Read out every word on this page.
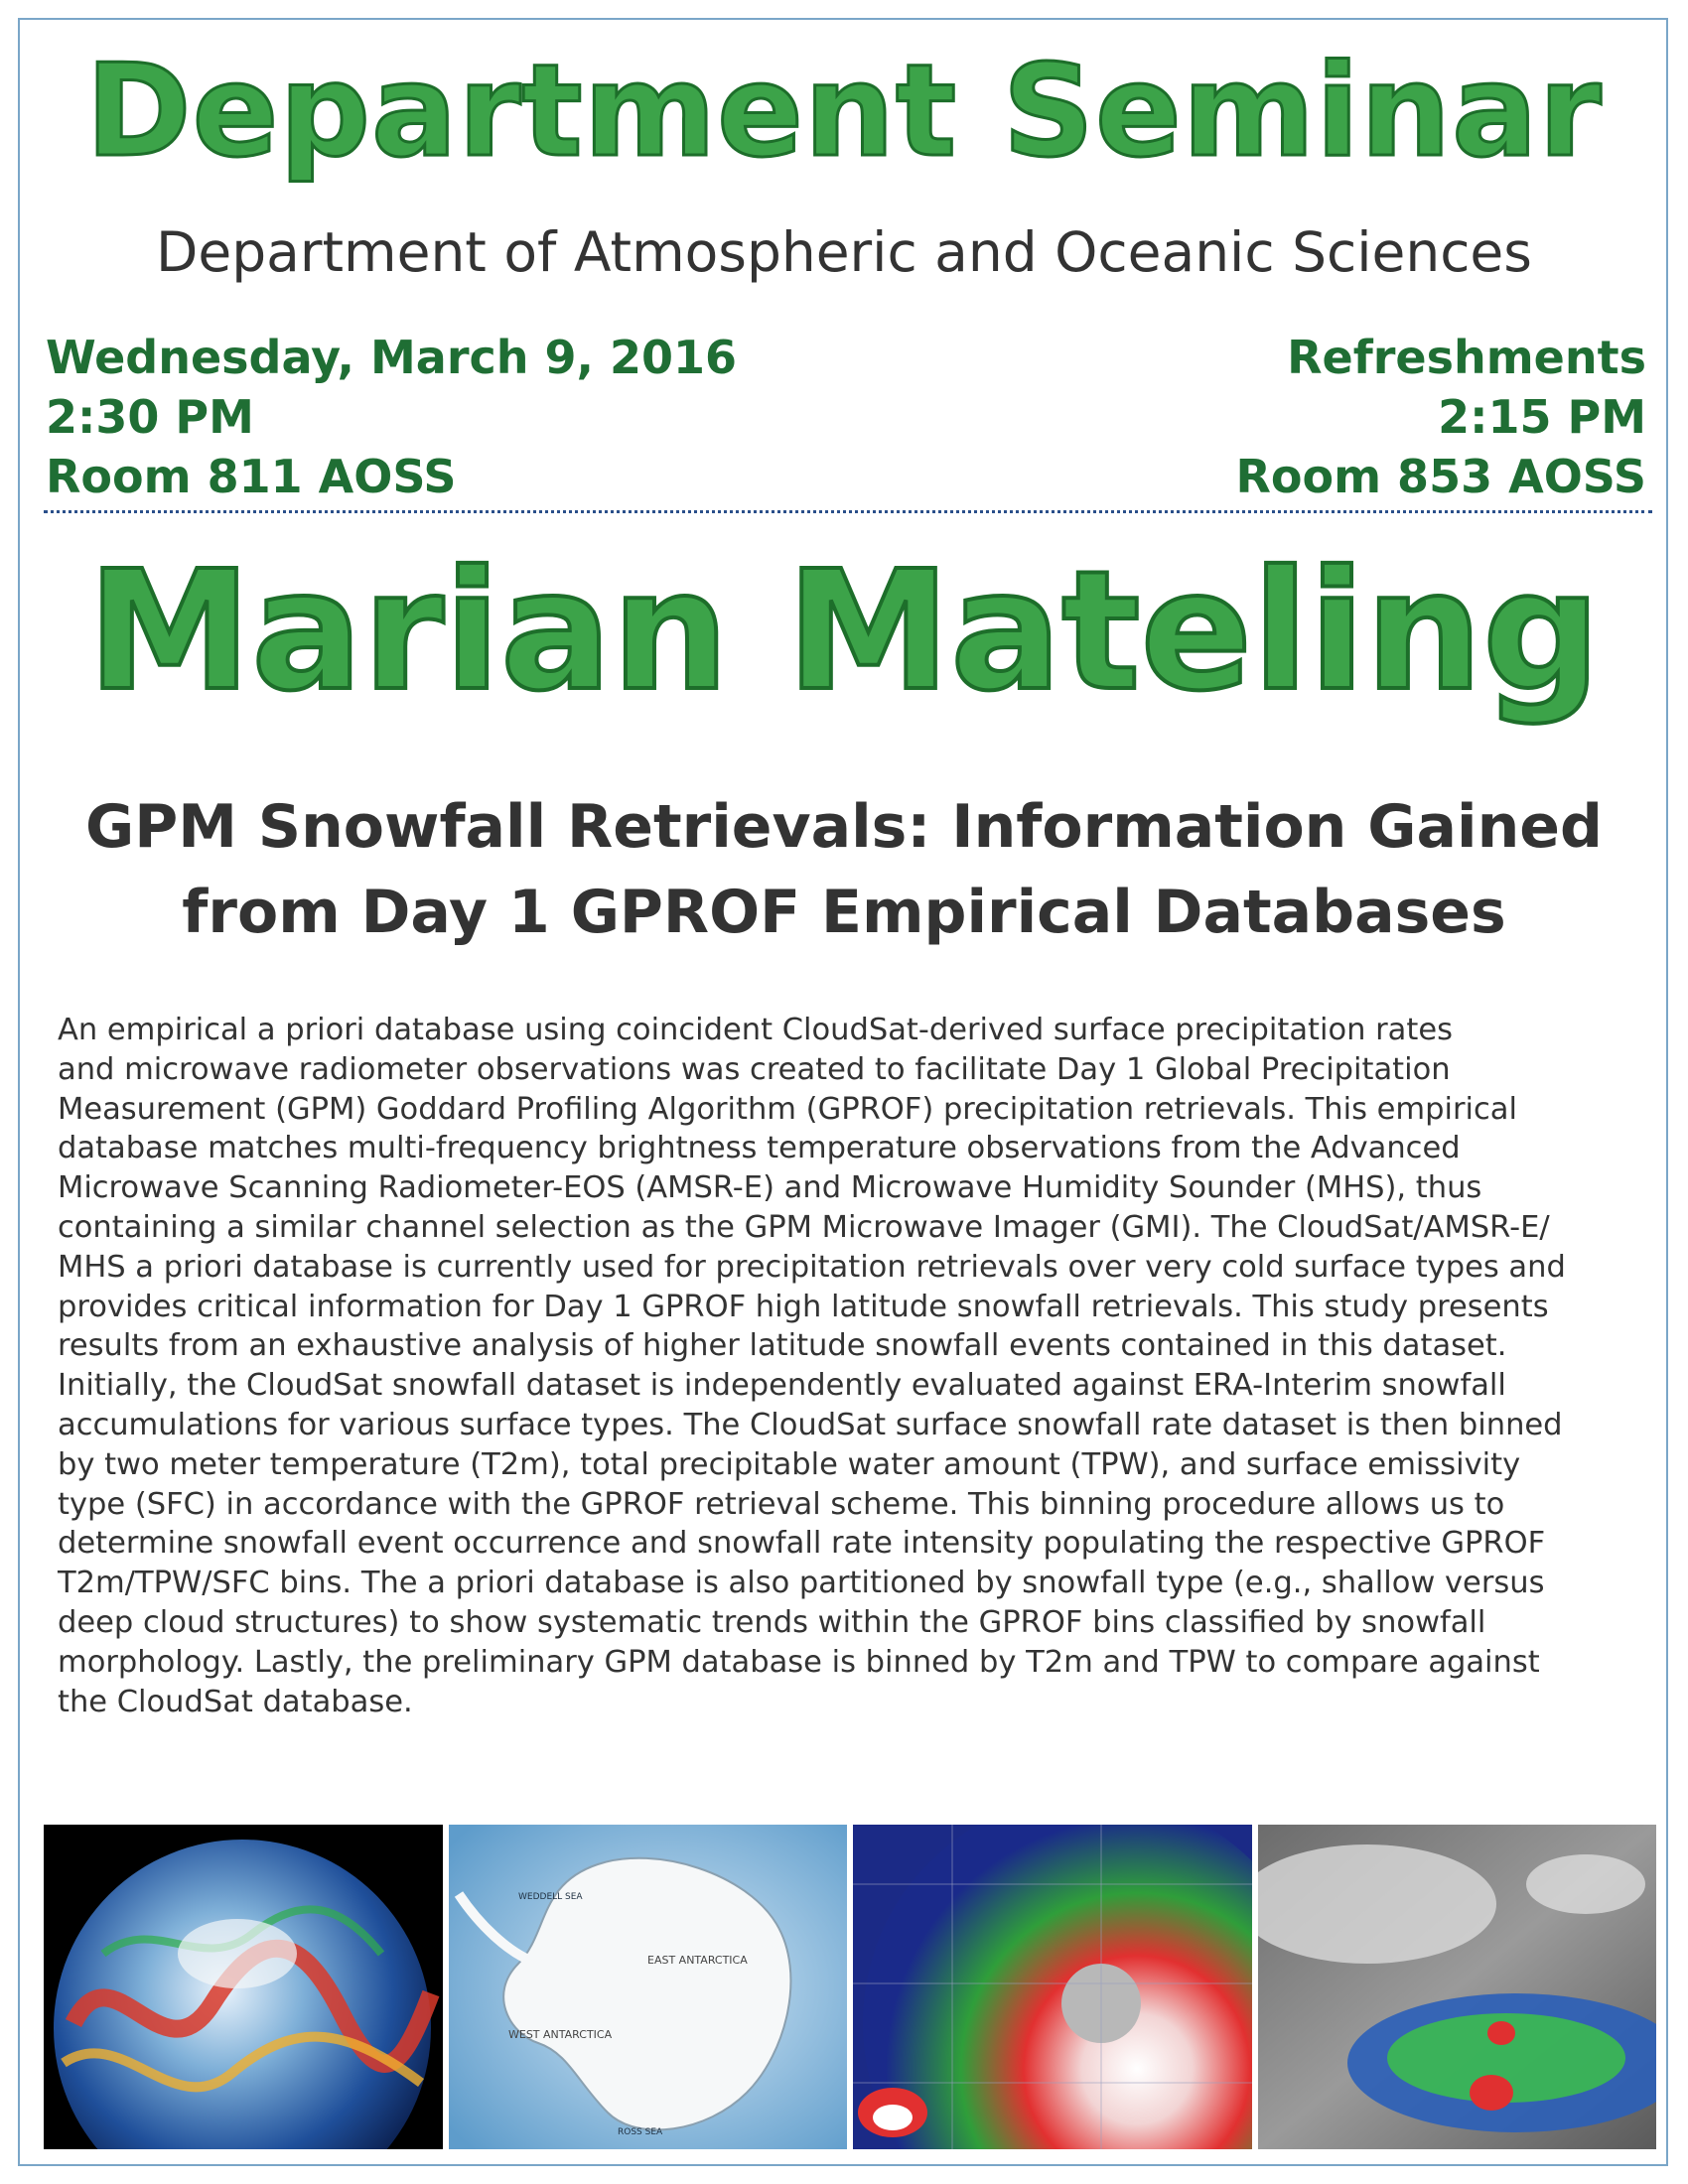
Department Seminar
Department of Atmospheric and Oceanic Sciences
Wednesday, March 9, 2016
2:30 PM
Room 811 AOSS
Refreshments
2:15 PM
Room 853 AOSS
Marian Mateling
GPM Snowfall Retrievals: Information Gained
from Day 1 GPROF Empirical Databases
An empirical a priori database using coincident CloudSat-derived surface precipitation rates
and microwave radiometer observations was created to facilitate Day 1 Global Precipitation
Measurement (GPM) Goddard Profiling Algorithm (GPROF) precipitation retrievals. This empirical
database matches multi-frequency brightness temperature observations from the Advanced
Microwave Scanning Radiometer-EOS (AMSR-E) and Microwave Humidity Sounder (MHS), thus
containing a similar channel selection as the GPM Microwave Imager (GMI). The CloudSat/AMSR-E/
MHS a priori database is currently used for precipitation retrievals over very cold surface types and
provides critical information for Day 1 GPROF high latitude snowfall retrievals. This study presents
results from an exhaustive analysis of higher latitude snowfall events contained in this dataset.
Initially, the CloudSat snowfall dataset is independently evaluated against ERA-Interim snowfall
accumulations for various surface types. The CloudSat surface snowfall rate dataset is then binned
by two meter temperature (T2m), total precipitable water amount (TPW), and surface emissivity
type (SFC) in accordance with the GPROF retrieval scheme. This binning procedure allows us to
determine snowfall event occurrence and snowfall rate intensity populating the respective GPROF
T2m/TPW/SFC bins. The a priori database is also partitioned by snowfall type (e.g., shallow versus
deep cloud structures) to show systematic trends within the GPROF bins classified by snowfall
morphology. Lastly, the preliminary GPM database is binned by T2m and TPW to compare against
the CloudSat database.
EAST ANTARCTICA
WEST ANTARCTICA
WEDDELL SEA
ROSS SEA
